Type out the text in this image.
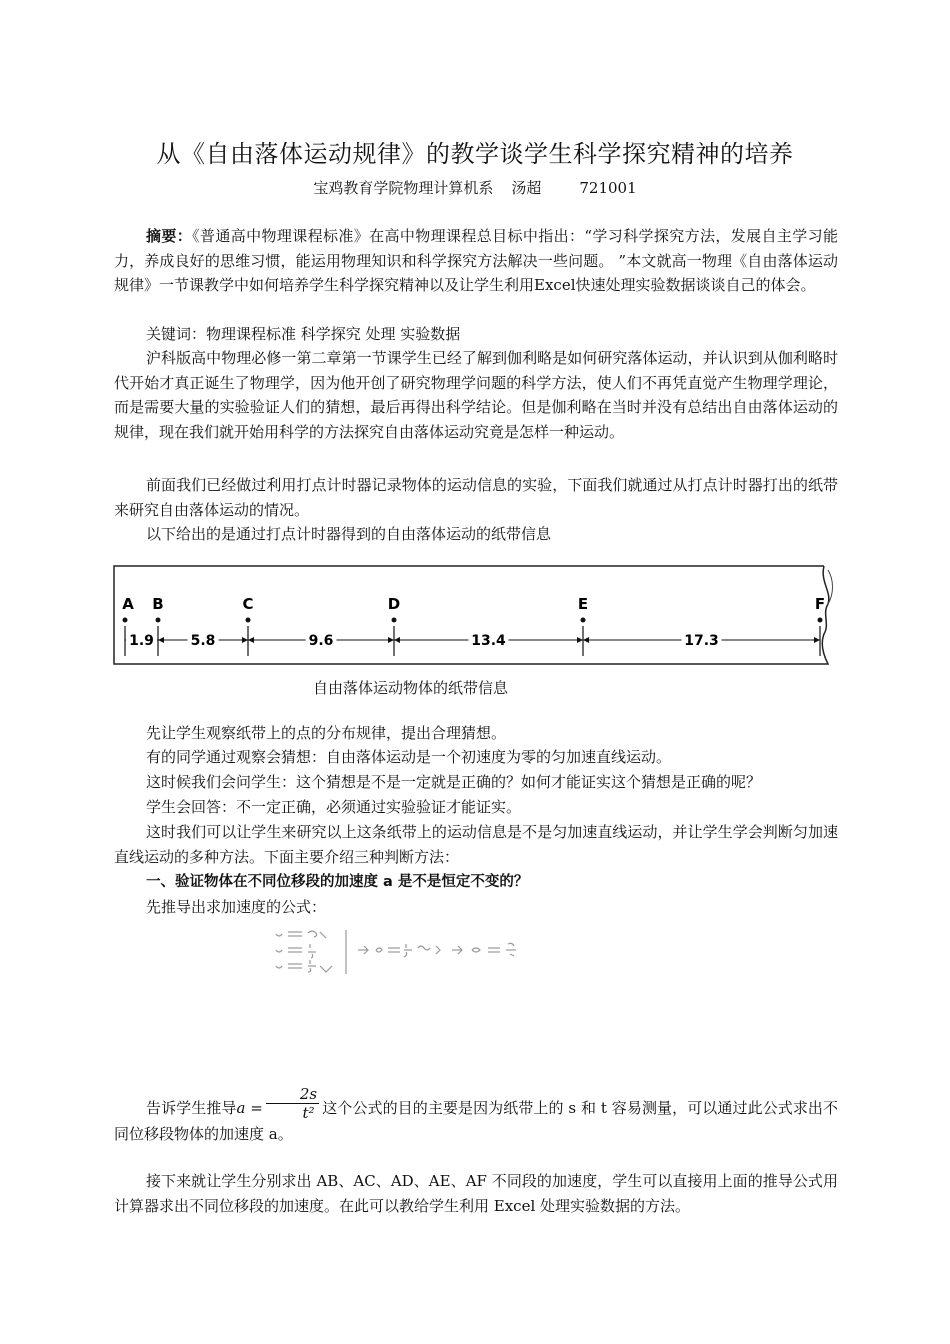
从《自由落体运动规律》的教学谈学生科学探究精神的培养
宝鸡教育学院物理计算机系 汤超	721001

摘要：《普通高中物理课程标准》在高中物理课程总目标中指出：“学习科学探究方法，发展自主学习能力，养成良好的思维习惯，能运用物理知识和科学探究方法解决一些问题。 ”本文就高一物理《自由落体运动规律》一节课教学中如何培养学生科学探究精神以及让学生利用Excel快速处理实验数据谈谈自己的体会。

关键词：物理课程标准 科学探究 处理 实验数据

沪科版高中物理必修一第二章第一节课学生已经了解到伽利略是如何研究落体运动，并认识到从伽利略时代开始才真正诞生了物理学，因为他开创了研究物理学问题的科学方法，使人们不再凭直觉产生物理学理论，而是需要大量的实验验证人们的猜想，最后再得出科学结论。但是伽利略在当时并没有总结出自由落体运动的规律，现在我们就开始用科学的方法探究自由落体运动究竟是怎样一种运动。

前面我们已经做过利用打点计时器记录物体的运动信息的实验，下面我们就通过从打点计时器打出的纸带来研究自由落体运动的情况。

以下给出的是通过打点计时器得到的自由落体运动的纸带信息

A B	C	D	E	F
1.9	5.8	9.6	13.4	17.3
自由落体运动物体的纸带信息

先让学生观察纸带上的点的分布规律，提出合理猜想。

有的同学通过观察会猜想：自由落体运动是一个初速度为零的匀加速直线运动。

这时候我们会问学生：这个猜想是不是一定就是正确的？如何才能证实这个猜想是正确的呢？

学生会回答：不一定正确，必须通过实验验证才能证实。

这时我们可以让学生来研究以上这条纸带上的运动信息是不是匀加速直线运动，并让学生学会判断匀加速直线运动的多种方法。下面主要介绍三种判断方法：

一、验证物体在不同位移段的加速度 a 是不是恒定不变的？

先推导出求加速度的公式：

告诉学生推导$a = \frac{2s}{\text{t²}}$ 这个公式的目的主要是因为纸带上的 s 和 t 容易测量，可以通过此公式求出不同位移段物体的加速度 a。

接下来就让学生分别求出 AB、AC、AD、AE、AF 不同段的加速度，学生可以直接用上面的推导公式用计算器求出不同位移段的加速度。在此可以教给学生利用 Excel 处理实验数据的方法。
